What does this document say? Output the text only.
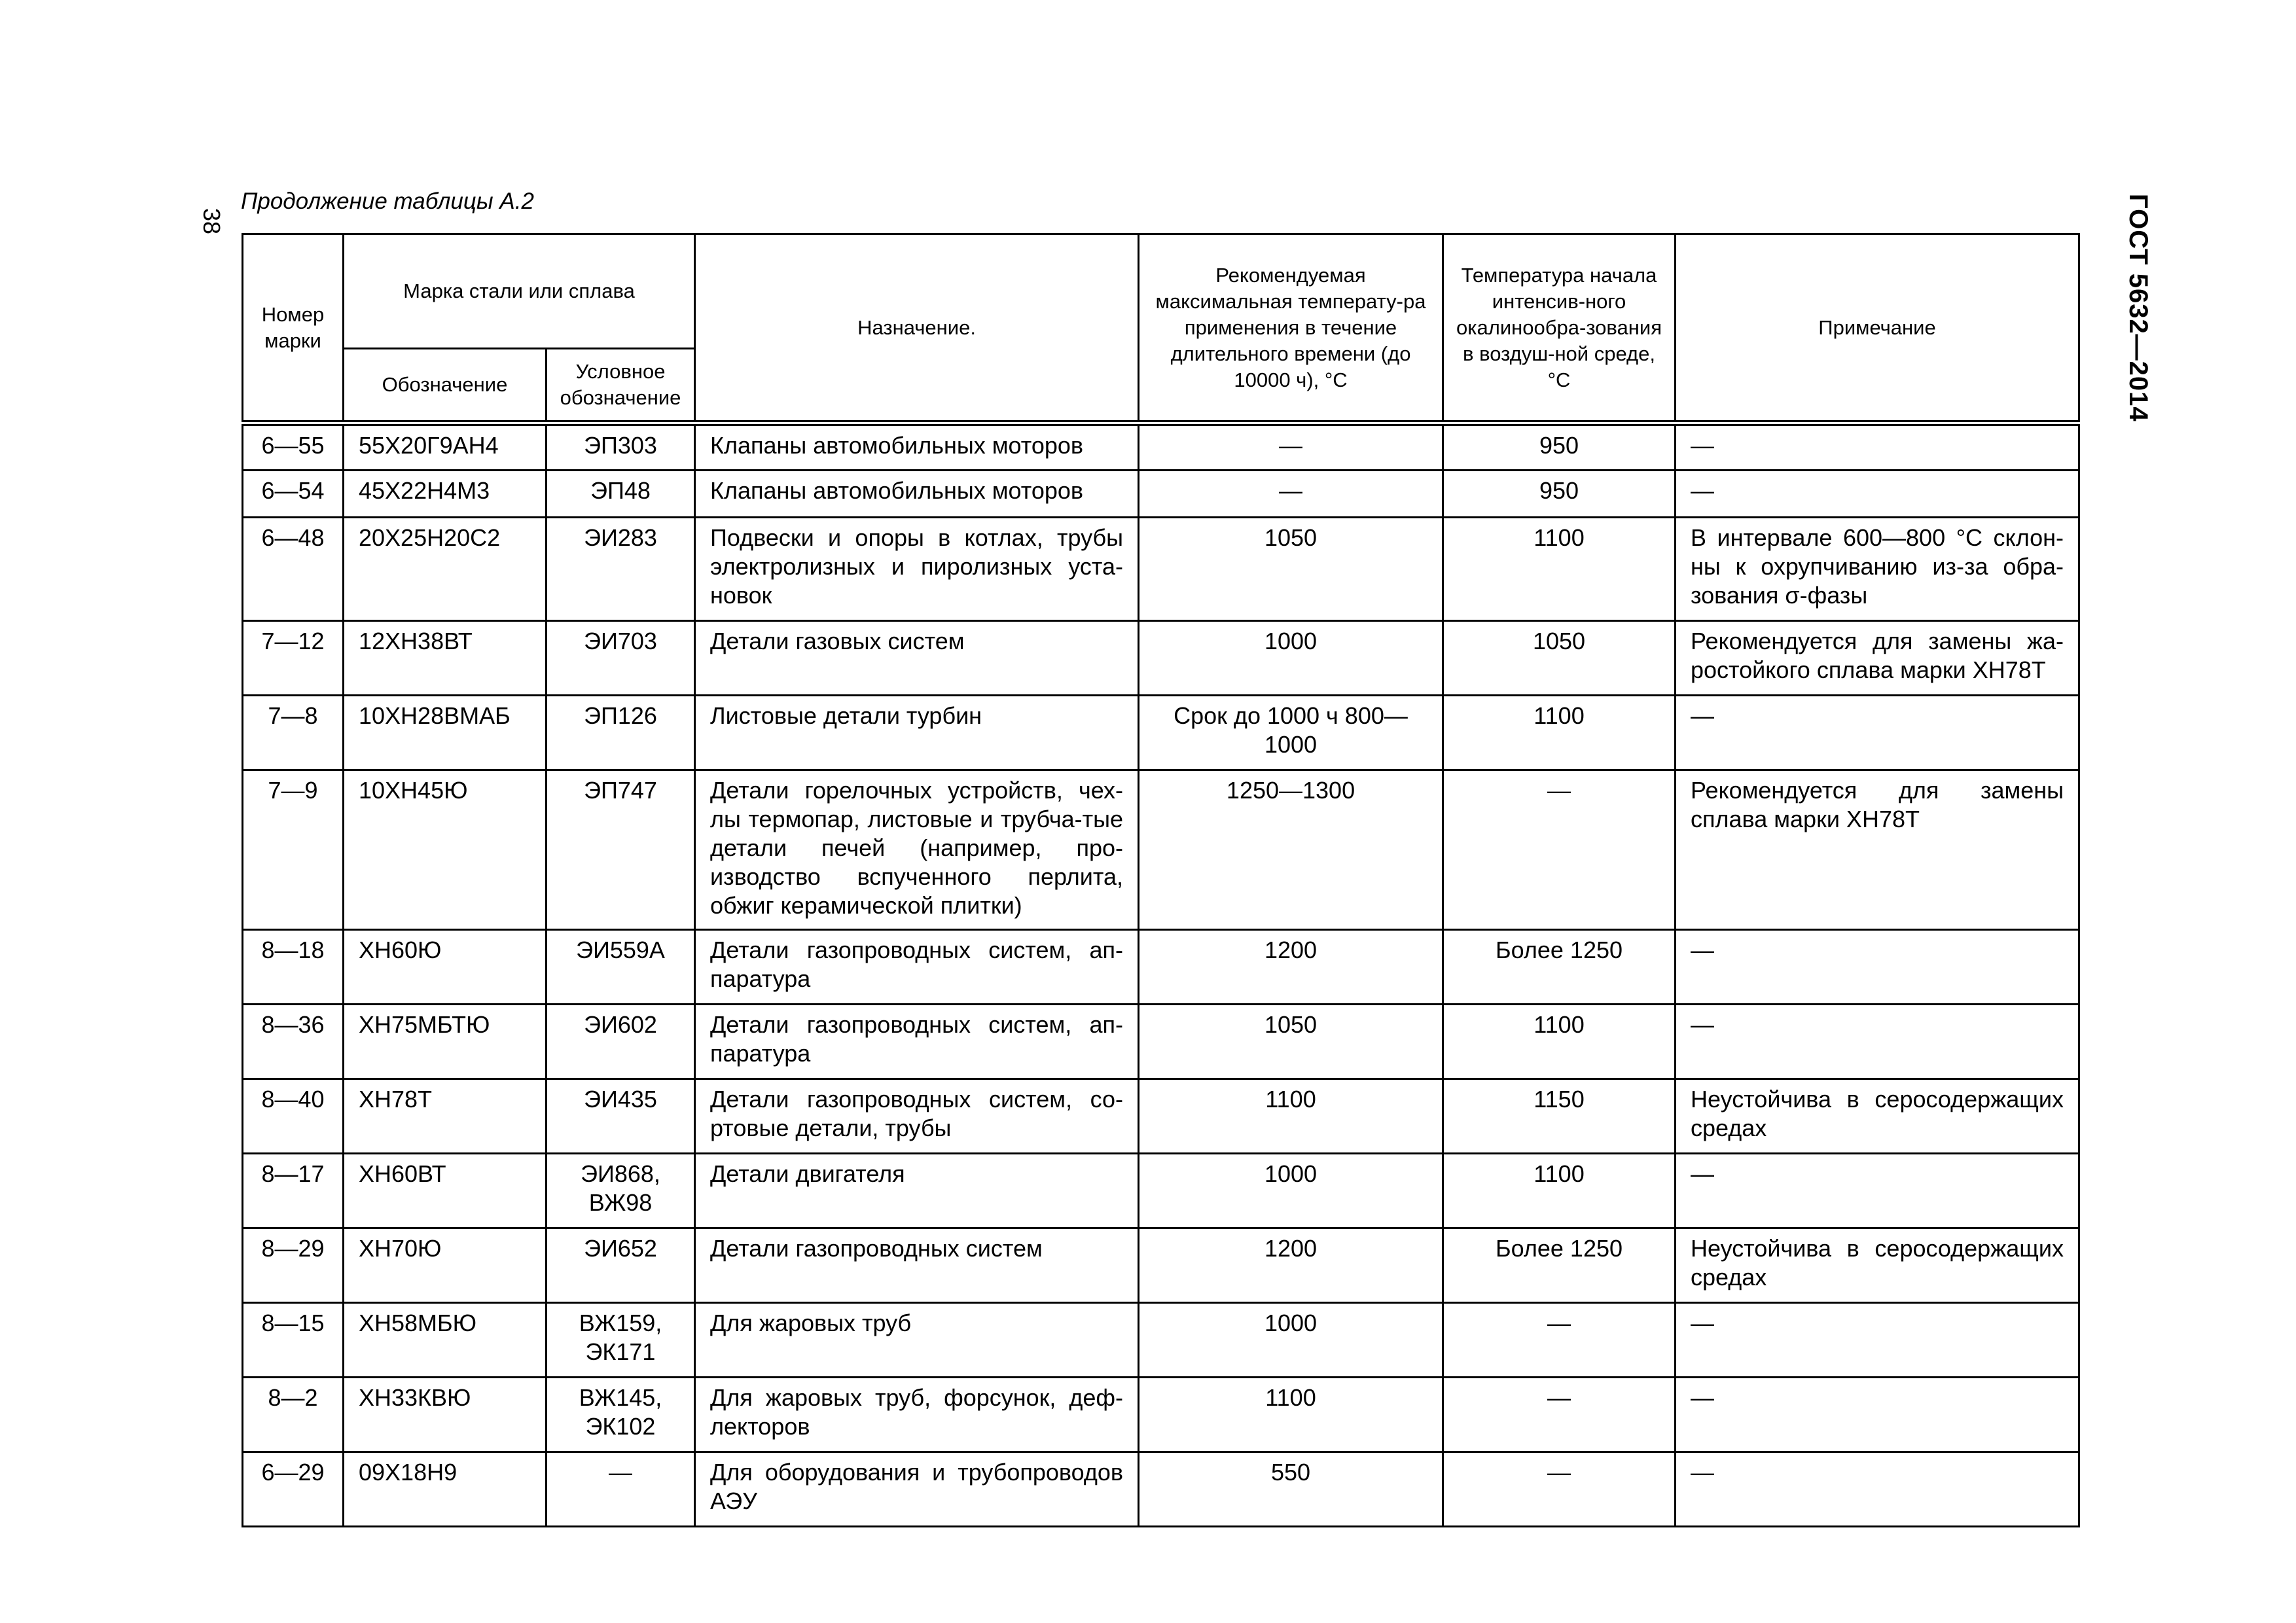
38
Продолжение таблицы А.2	ГОСТ 5632—2014
Номер марки	Марка стали или сплава		Назначение.	Рекомендуемая максимальная температу-ра применения в течение длительного времени (до 10000 ч), °С	Температура начала интенсив-ного окалинообра-зования в воздуш-ной среде, °С	Примечание
	Обозначение	Условное обозначение				
6—55	55Х20Г9АН4	ЭП303	Клапаны автомобильных моторов	—	950	—
6—54	45Х22Н4М3	ЭП48	Клапаны автомобильных моторов	—	950	—
6—48	20Х25Н20С2	ЭИ283	Подвески и опоры в котлах, трубы электролизных и пиролизных уста-новок	1050	1100	В интервале 600—800 °С склон-ны к охрупчиванию из-за обра-зования σ-фазы
7—12	12ХН38ВТ	ЭИ703	Детали газовых систем	1000	1050	Рекомендуется для замены жа-ростойкого сплава марки ХН78Т
7—8	10ХН28ВМАБ	ЭП126	Листовые детали турбин	Срок до 1000 ч 800—1000	1100	—
7—9	10ХН45Ю	ЭП747	Детали горелочных устройств, чех-лы термопар, листовые и трубча-тые детали печей (например, про-изводство вспученного перлита, обжиг керамической плитки)	1250—1300	—	Рекомендуется для замены сплава марки ХН78Т
8—18	ХН60Ю	ЭИ559А	Детали газопроводных систем, ап-паратура	1200	Более 1250	—
8—36	ХН75МБТЮ	ЭИ602	Детали газопроводных систем, ап-паратура	1050	1100	—
8—40	ХН78Т	ЭИ435	Детали газопроводных систем, со-ртовые детали, трубы	1100	1150	Неустойчива в серосодержащих средах
8—17	ХН60ВТ	ЭИ868, ВЖ98	Детали двигателя	1000	1100	—
8—29	ХН70Ю	ЭИ652	Детали газопроводных систем	1200	Более 1250	Неустойчива в серосодержащих средах
8—15	ХН58МБЮ	ВЖ159, ЭК171	Для жаровых труб	1000	—	—
8—2	ХН33КВЮ	ВЖ145, ЭК102	Для жаровых труб, форсунок, деф-лекторов	1100	—	—
6—29	09Х18Н9	—	Для оборудования и трубопроводов АЭУ	550	—	—
